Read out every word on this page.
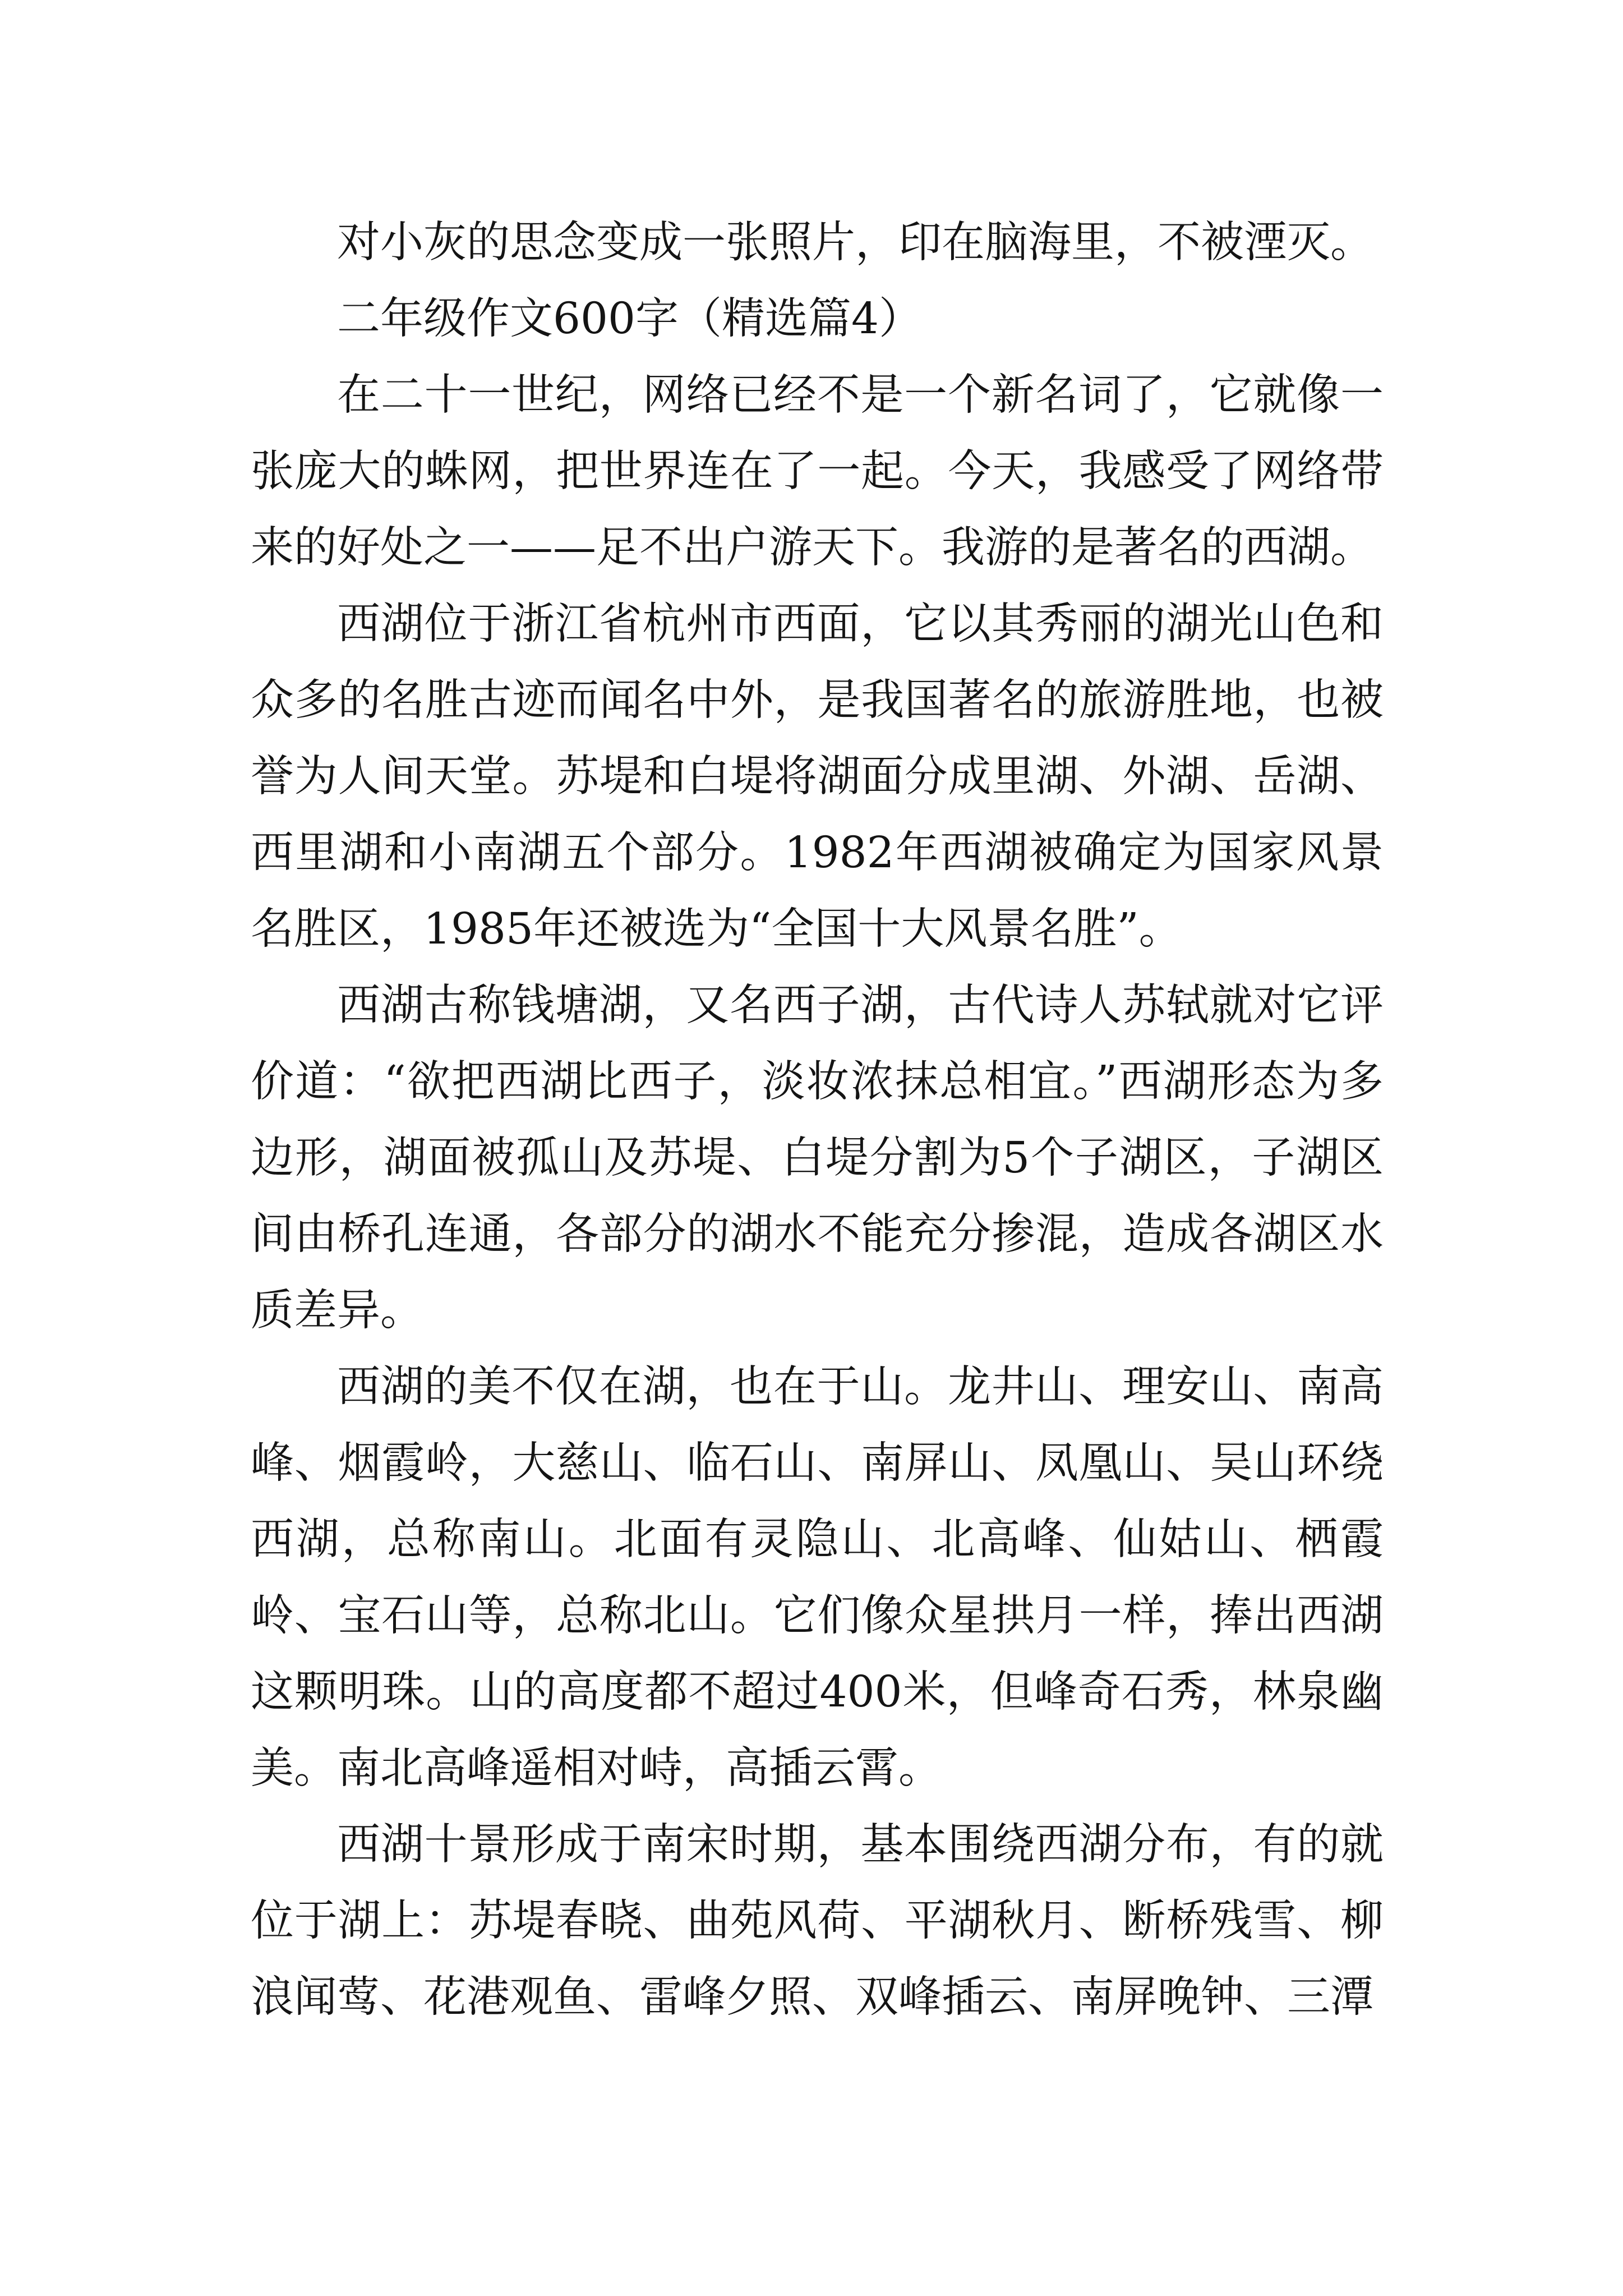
对小灰的思念变成一张照片，印在脑海里，不被湮灭。

二年级作文600字（精选篇4）

在二十一世纪，网络已经不是一个新名词了，它就像一张庞大的蛛网，把世界连在了一起。今天，我感受了网络带来的好处之一——足不出户游天下。我游的是著名的西湖。

西湖位于浙江省杭州市西面，它以其秀丽的湖光山色和众多的名胜古迹而闻名中外，是我国著名的旅游胜地，也被誉为人间天堂。苏堤和白堤将湖面分成里湖、外湖、岳湖、西里湖和小南湖五个部分。1982年西湖被确定为国家风景名胜区，1985年还被选为“全国十大风景名胜”。

西湖古称钱塘湖，又名西子湖，古代诗人苏轼就对它评价道：“欲把西湖比西子，淡妆浓抹总相宜。”西湖形态为多边形，湖面被孤山及苏堤、白堤分割为5个子湖区，子湖区间由桥孔连通，各部分的湖水不能充分掺混，造成各湖区水质差异。

西湖的美不仅在湖，也在于山。龙井山、理安山、南高峰、烟霞岭，大慈山、临石山、南屏山、凤凰山、吴山环绕西湖，总称南山。北面有灵隐山、北高峰、仙姑山、栖霞岭、宝石山等，总称北山。它们像众星拱月一样，捧出西湖这颗明珠。山的高度都不超过400米，但峰奇石秀，林泉幽美。南北高峰遥相对峙，高插云霄。

西湖十景形成于南宋时期，基本围绕西湖分布，有的就位于湖上：苏堤春晓、曲苑风荷、平湖秋月、断桥残雪、柳浪闻莺、花港观鱼、雷峰夕照、双峰插云、南屏晚钟、三潭
